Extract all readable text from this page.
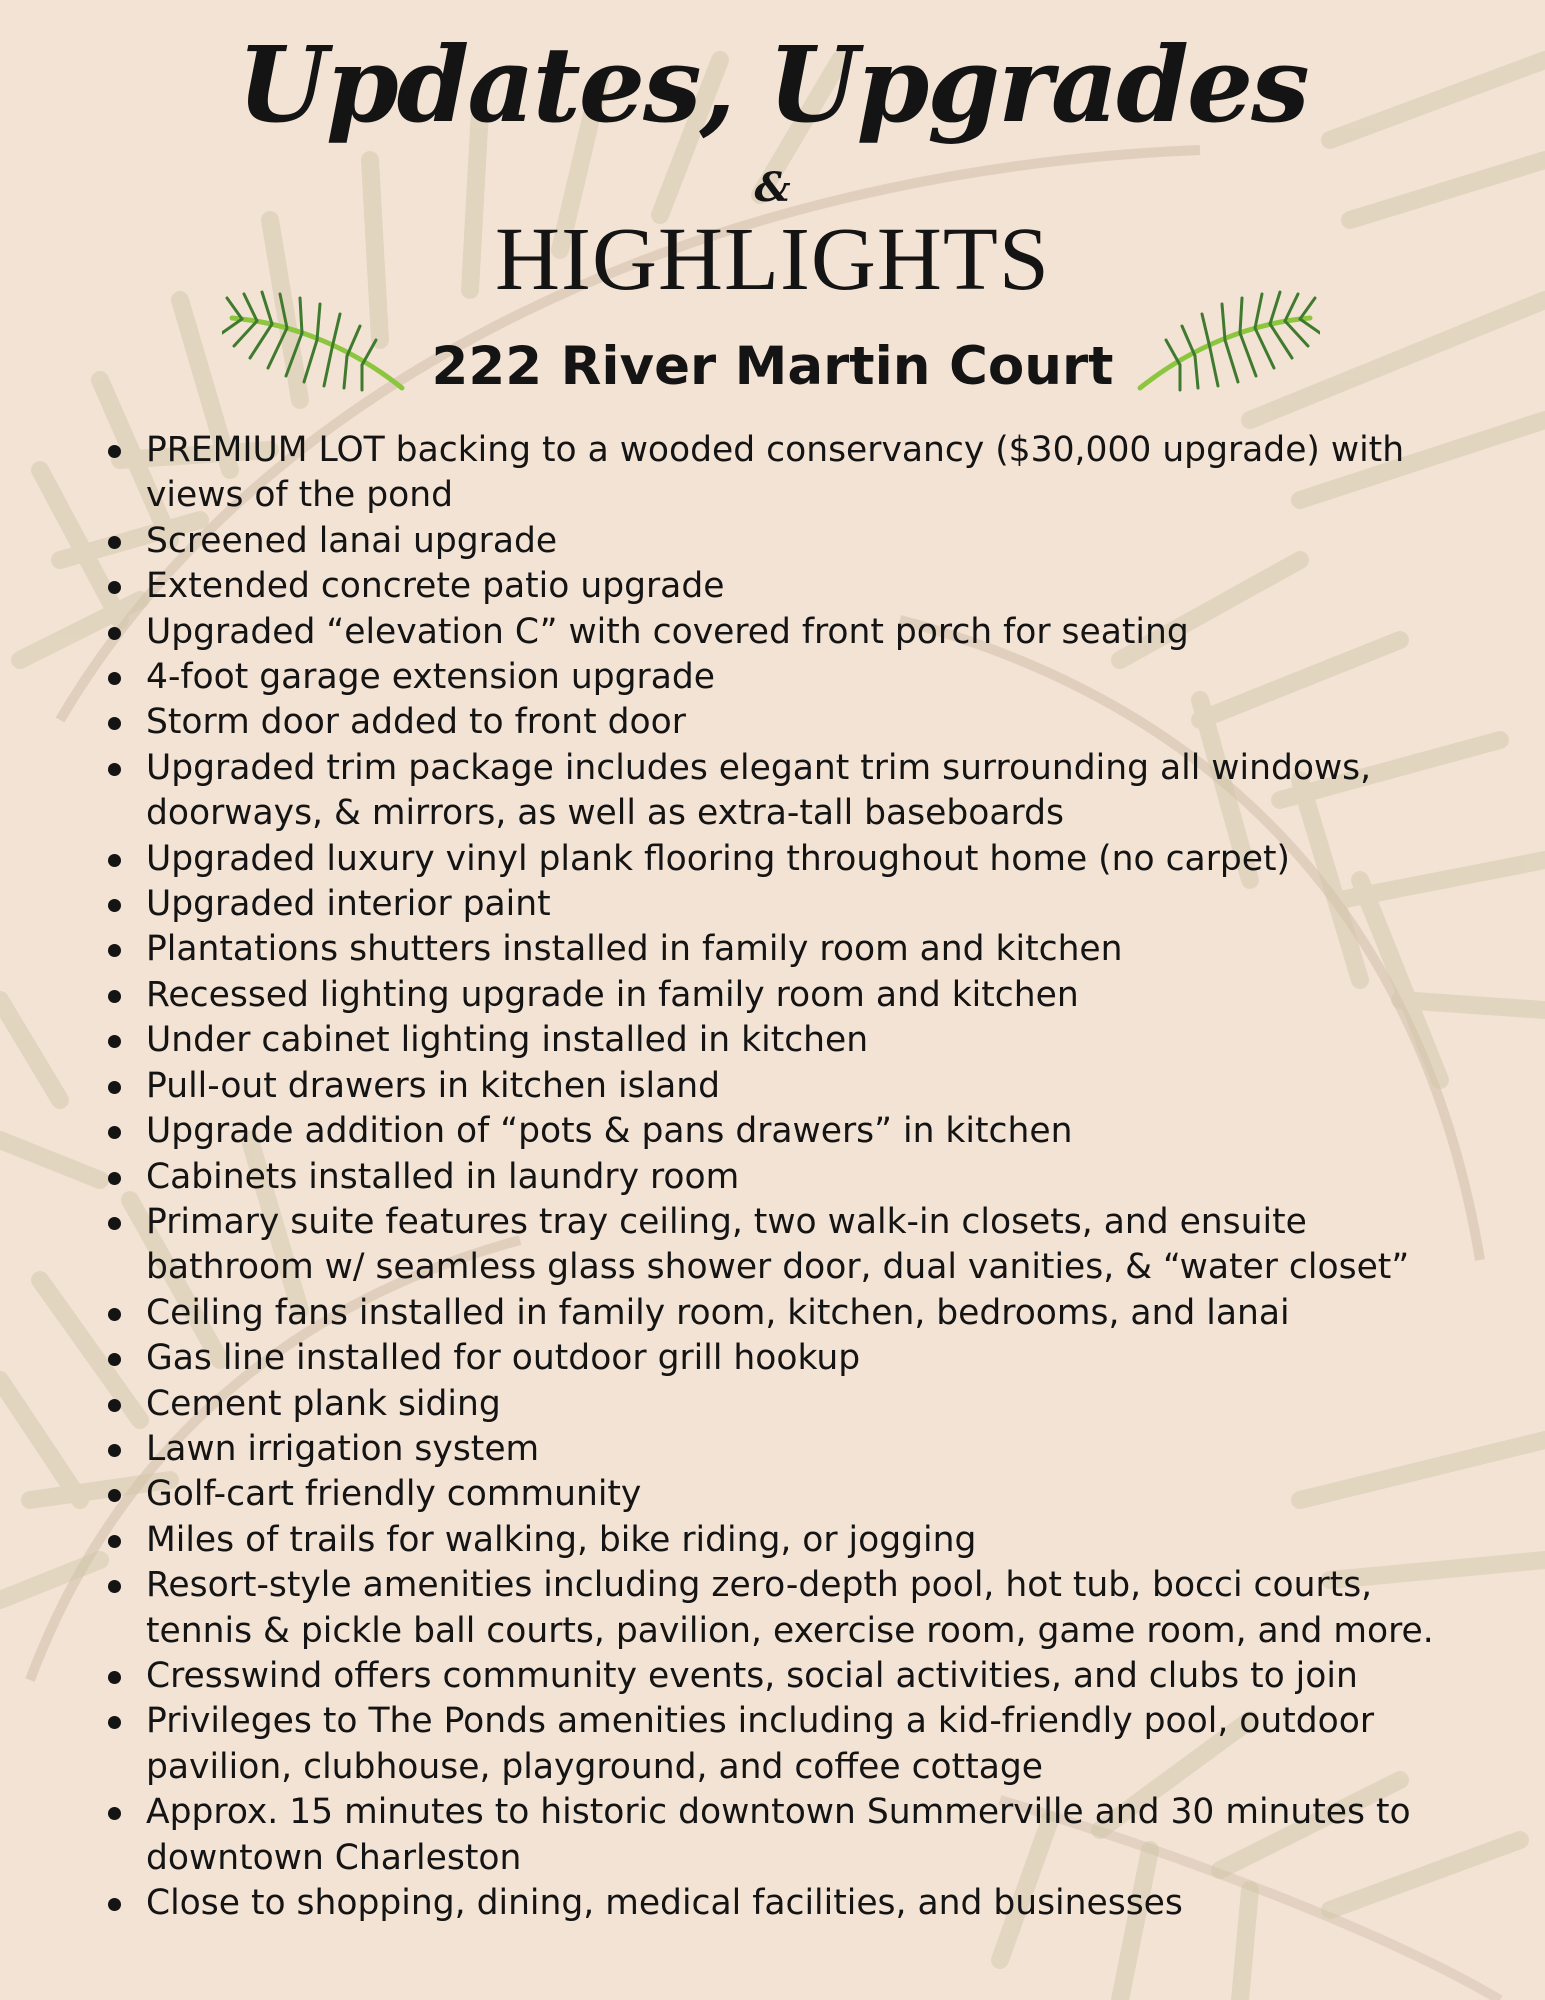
Updates, Upgrades
&
HIGHLIGHTS
222 River Martin Court
PREMIUM LOT backing to a wooded conservancy ($30,000 upgrade) with
views of the pond
Screened lanai upgrade
Extended concrete patio upgrade
Upgraded “elevation C” with covered front porch for seating
4-foot garage extension upgrade
Storm door added to front door
Upgraded trim package includes elegant trim surrounding all windows,
doorways, & mirrors, as well as extra-tall baseboards
Upgraded luxury vinyl plank flooring throughout home (no carpet)
Upgraded interior paint
Plantations shutters installed in family room and kitchen
Recessed lighting upgrade in family room and kitchen
Under cabinet lighting installed in kitchen
Pull-out drawers in kitchen island
Upgrade addition of “pots & pans drawers” in kitchen
Cabinets installed in laundry room
Primary suite features tray ceiling, two walk-in closets, and ensuite
bathroom w/ seamless glass shower door, dual vanities, & “water closet”
Ceiling fans installed in family room, kitchen, bedrooms, and lanai
Gas line installed for outdoor grill hookup
Cement plank siding
Lawn irrigation system
Golf-cart friendly community
Miles of trails for walking, bike riding, or jogging
Resort-style amenities including zero-depth pool, hot tub, bocci courts,
tennis & pickle ball courts, pavilion, exercise room, game room, and more.
Cresswind offers community events, social activities, and clubs to join
Privileges to The Ponds amenities including a kid-friendly pool, outdoor
pavilion, clubhouse, playground, and coffee cottage
Approx. 15 minutes to historic downtown Summerville and 30 minutes to
downtown Charleston
Close to shopping, dining, medical facilities, and businesses
